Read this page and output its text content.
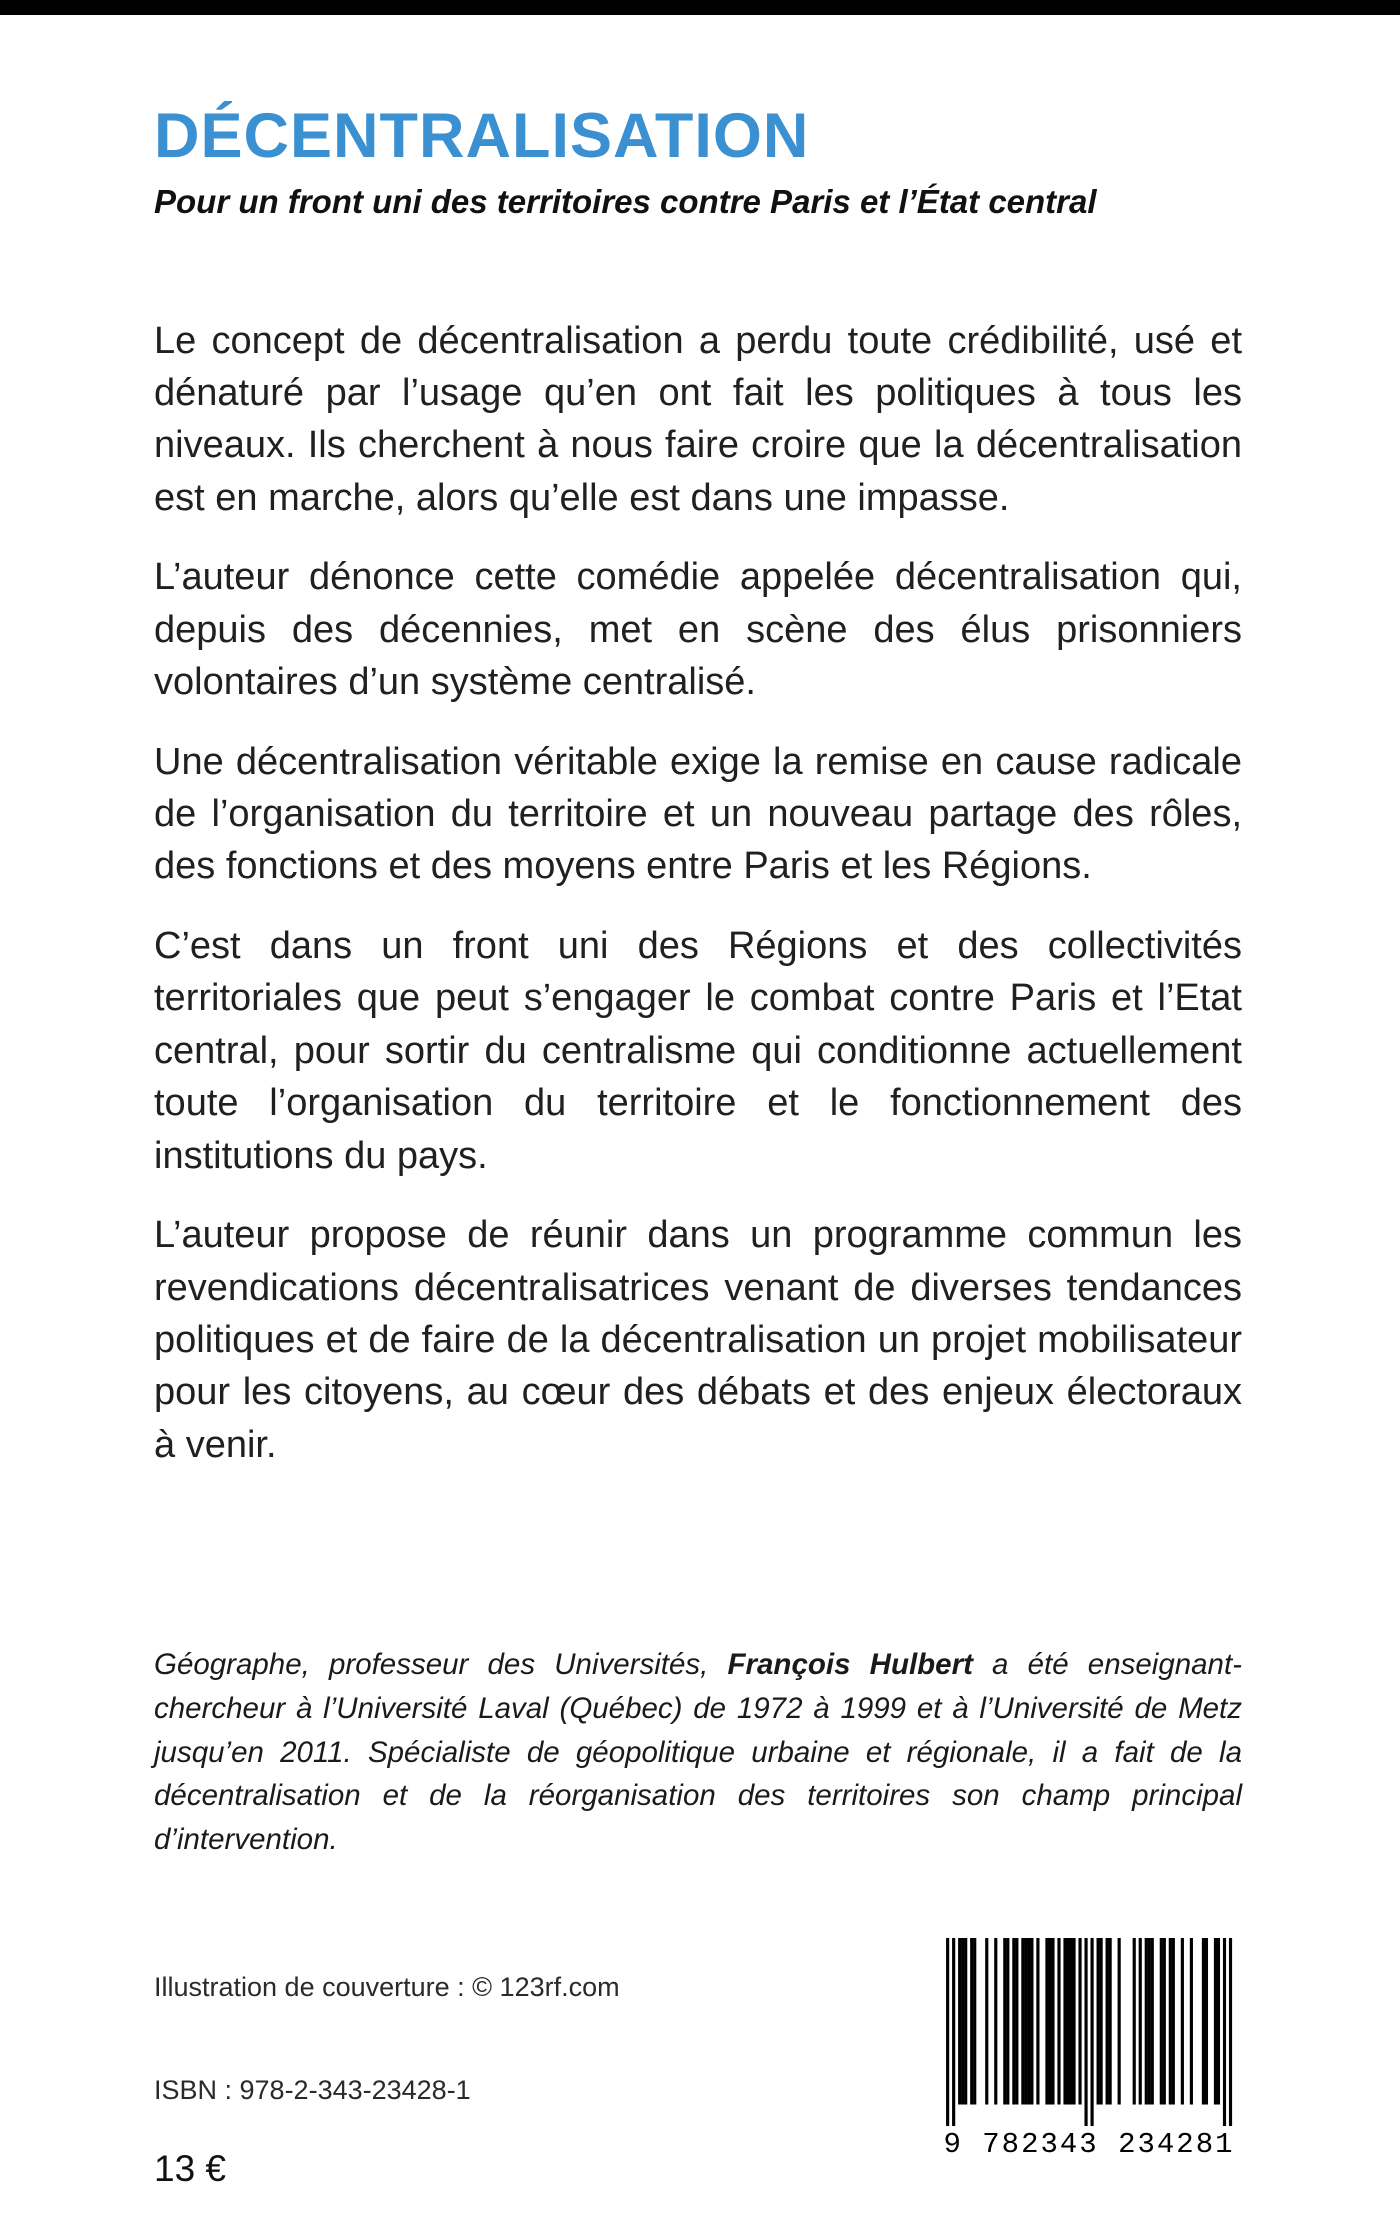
DÉCENTRALISATION
Pour un front uni des territoires contre Paris et l’État central

Le concept de décentralisation a perdu toute crédibilité, usé et dénaturé par l’usage qu’en ont fait les politiques à tous les niveaux. Ils cherchent à nous faire croire que la décentralisation est en marche, alors qu’elle est dans une impasse.

L’auteur dénonce cette comédie appelée décentralisation qui, depuis des décennies, met en scène des élus prisonniers volontaires d’un système centralisé.

Une décentralisation véritable exige la remise en cause radicale de l’organisation du territoire et un nouveau partage des rôles, des fonctions et des moyens entre Paris et les Régions.

C’est dans un front uni des Régions et des collectivités territoriales que peut s’engager le combat contre Paris et l’Etat central, pour sortir du centralisme qui conditionne actuellement toute l’organisation du territoire et le fonctionnement des institutions du pays.

L’auteur propose de réunir dans un programme commun les revendications décentralisatrices venant de diverses tendances politiques et de faire de la décentralisation un projet mobilisateur pour les citoyens, au cœur des débats et des enjeux électoraux à venir.

Géographe, professeur des Universités, François Hulbert a été enseignant-chercheur à l’Université Laval (Québec) de 1972 à 1999 et à l’Université de Metz jusqu’en 2011. Spécialiste de géopolitique urbaine et régionale, il a fait de la décentralisation et de la réorganisation des territoires son champ principal d’intervention.

Illustration de couverture : © 123rf.com

ISBN : 978-2-343-23428-1

13 €

9 782343 234281
